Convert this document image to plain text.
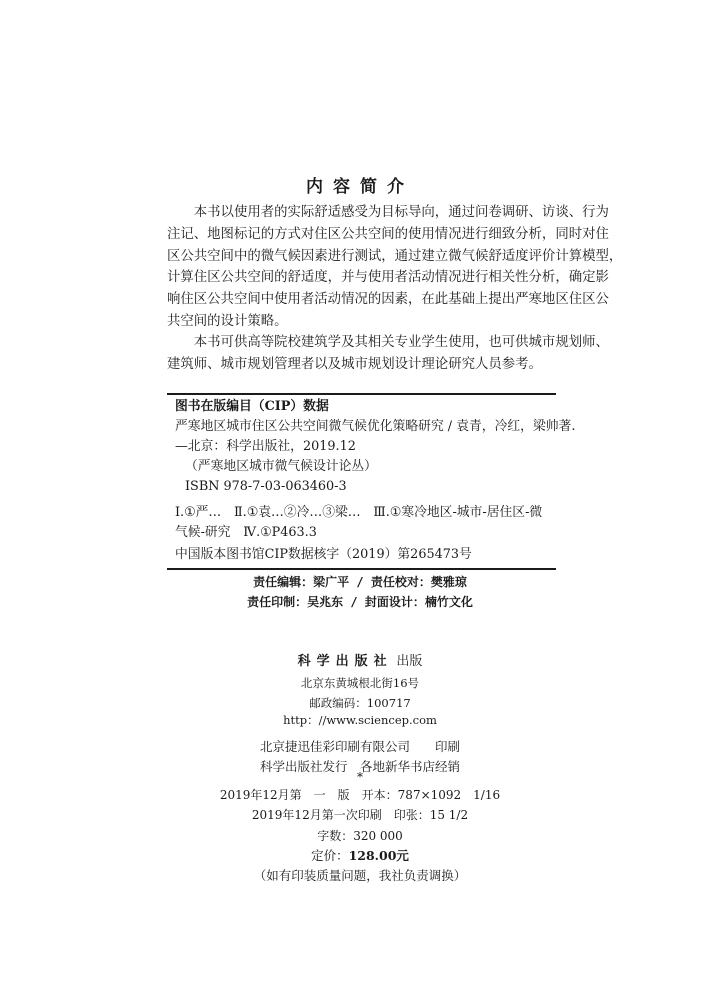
内容简介

　　本书以使用者的实际舒适感受为目标导向，通过问卷调研、访谈、行为

注记、地图标记的方式对住区公共空间的使用情况进行细致分析，同时对住

区公共空间中的微气候因素进行测试，通过建立微气候舒适度评价计算模型，

计算住区公共空间的舒适度，并与使用者活动情况进行相关性分析，确定影

响住区公共空间中使用者活动情况的因素，在此基础上提出严寒地区住区公

共空间的设计策略。

　　本书可供高等院校建筑学及其相关专业学生使用，也可供城市规划师、

建筑师、城市规划管理者以及城市规划设计理论研究人员参考。

图书在版编目（CIP）数据
严寒地区城市住区公共空间微气候优化策略研究 / 袁青，冷红，梁帅著.
—北京：科学出版社，2019.12
（严寒地区城市微气候设计论丛）
ISBN 978-7-03-063460-3
Ⅰ.①严…　Ⅱ.①袁…②冷…③梁…　Ⅲ.①寒冷地区-城市-居住区-微
气候-研究　Ⅳ.①P463.3
中国版本图书馆CIP数据核字（2019）第265473号
责任编辑：梁广平 / 责任校对：樊雅琼
责任印制：吴兆东 / 封面设计：楠竹文化
科学出版社 出版
北京东黄城根北街16号
邮政编码：100717
http：//www.sciencep.com
北京捷迅佳彩印刷有限公司　　印刷
科学出版社发行　各地新华书店经销
*
2019年12月第　一　版　开本：787×1092　1/16
2019年12月第一次印刷　印张：15 1/2
字数：320 000
定价：128.00元
（如有印装质量问题，我社负责调换）
